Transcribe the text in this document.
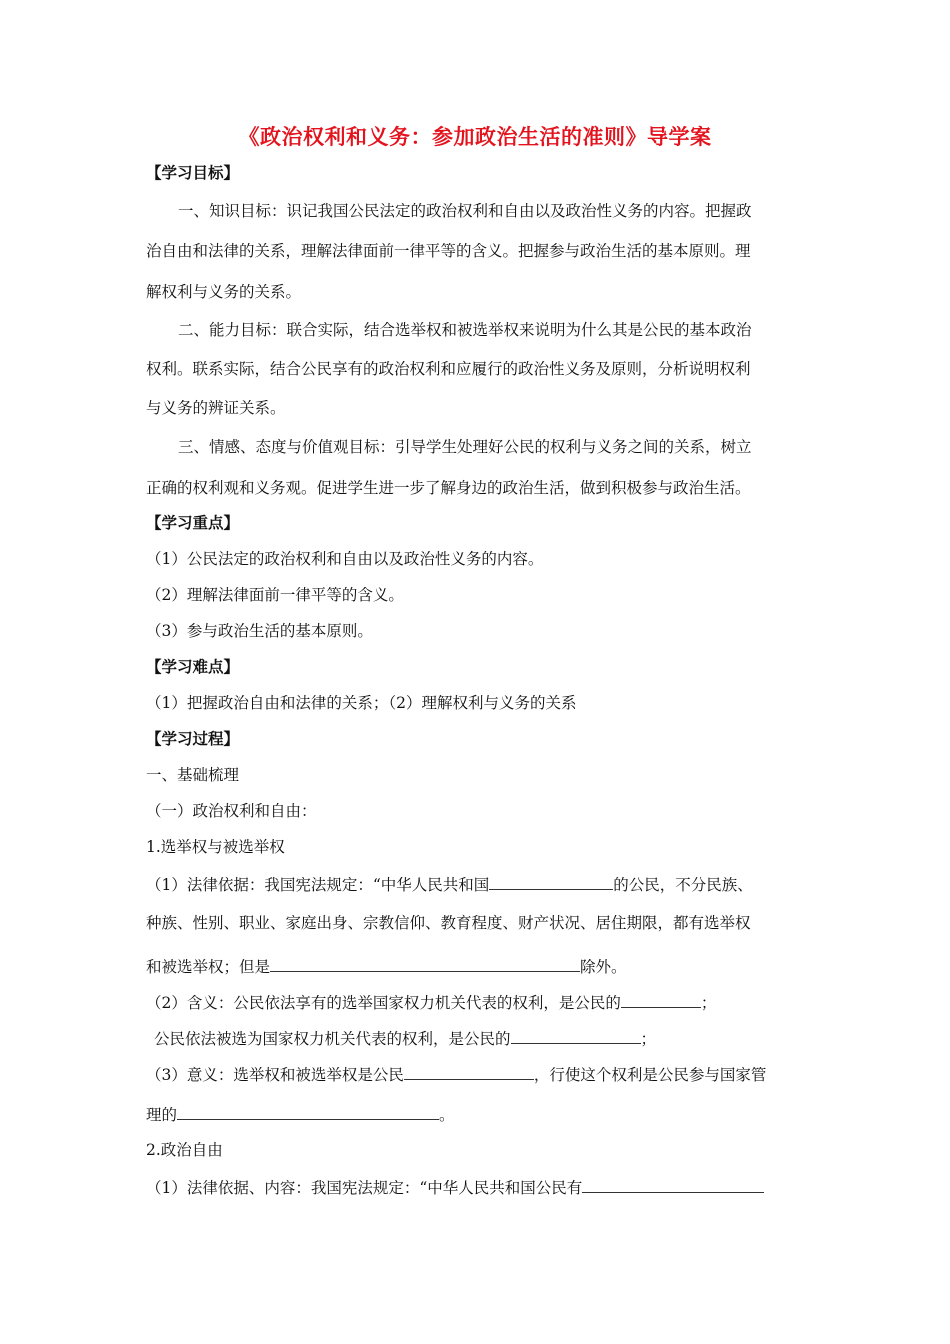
《政治权利和义务：参加政治生活的准则》导学案
【学习目标】
一、知识目标：识记我国公民法定的政治权利和自由以及政治性义务的内容。把握政
治自由和法律的关系，理解法律面前一律平等的含义。把握参与政治生活的基本原则。理
解权利与义务的关系。
二、能力目标：联合实际，结合选举权和被选举权来说明为什么其是公民的基本政治
权利。联系实际，结合公民享有的政治权利和应履行的政治性义务及原则，分析说明权利
与义务的辨证关系。
三、情感、态度与价值观目标：引导学生处理好公民的权利与义务之间的关系，树立
正确的权利观和义务观。促进学生进一步了解身边的政治生活，做到积极参与政治生活。
【学习重点】
（1）公民法定的政治权利和自由以及政治性义务的内容。
（2）理解法律面前一律平等的含义。
（3）参与政治生活的基本原则。
【学习难点】
（1）把握政治自由和法律的关系；（2）理解权利与义务的关系
【学习过程】
一、基础梳理
（一）政治权利和自由：
1.选举权与被选举权
（1）法律依据：我国宪法规定：“中华人民共和国	的公民，不分民族、
种族、性别、职业、家庭出身、宗教信仰、教育程度、财产状况、居住期限，都有选举权
和被选举权；但是	除外。
（2）含义：公民依法享有的选举国家权力机关代表的权利，是公民的	；
公民依法被选为国家权力机关代表的权利，是公民的	；
（3）意义：选举权和被选举权是公民	，行使这个权利是公民参与国家管
理的	。
2.政治自由
（1）法律依据、内容：我国宪法规定：“中华人民共和国公民有
